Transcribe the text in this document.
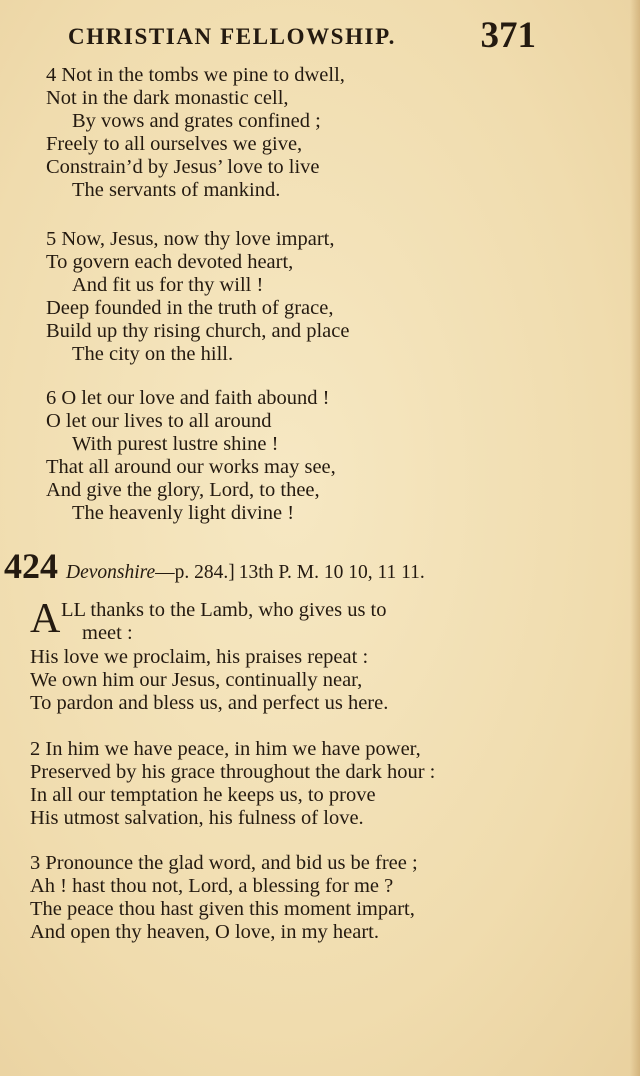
CHRISTIAN FELLOWSHIP. 371
4 Not in the tombs we pine to dwell,
Not in the dark monastic cell,
By vows and grates confined ;
Freely to all ourselves we give,
Constrain’d by Jesus’ love to live
The servants of mankind.
5 Now, Jesus, now thy love impart,
To govern each devoted heart,
And fit us for thy will !
Deep founded in the truth of grace,
Build up thy rising church, and place
The city on the hill.
6 O let our love and faith abound !
O let our lives to all around
With purest lustre shine !
That all around our works may see,
And give the glory, Lord, to thee,
The heavenly light divine !
424 Devonshire—p. 284.] 13th P. M. 10 10, 11 11.
A LL thanks to the Lamb, who gives us to
meet :
His love we proclaim, his praises repeat :
We own him our Jesus, continually near,
To pardon and bless us, and perfect us here.
2 In him we have peace, in him we have power,
Preserved by his grace throughout the dark hour :
In all our temptation he keeps us, to prove
His utmost salvation, his fulness of love.
3 Pronounce the glad word, and bid us be free ;
Ah ! hast thou not, Lord, a blessing for me ?
The peace thou hast given this moment impart,
And open thy heaven, O love, in my heart.
